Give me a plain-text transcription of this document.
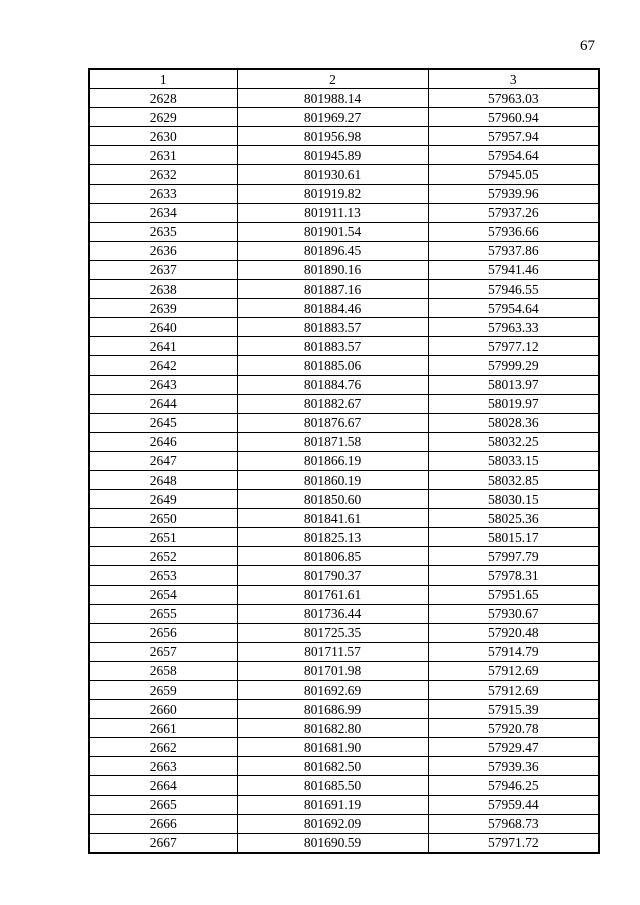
67
1	2	3
2628	801988.14	57963.03
2629	801969.27	57960.94
2630	801956.98	57957.94
2631	801945.89	57954.64
2632	801930.61	57945.05
2633	801919.82	57939.96
2634	801911.13	57937.26
2635	801901.54	57936.66
2636	801896.45	57937.86
2637	801890.16	57941.46
2638	801887.16	57946.55
2639	801884.46	57954.64
2640	801883.57	57963.33
2641	801883.57	57977.12
2642	801885.06	57999.29
2643	801884.76	58013.97
2644	801882.67	58019.97
2645	801876.67	58028.36
2646	801871.58	58032.25
2647	801866.19	58033.15
2648	801860.19	58032.85
2649	801850.60	58030.15
2650	801841.61	58025.36
2651	801825.13	58015.17
2652	801806.85	57997.79
2653	801790.37	57978.31
2654	801761.61	57951.65
2655	801736.44	57930.67
2656	801725.35	57920.48
2657	801711.57	57914.79
2658	801701.98	57912.69
2659	801692.69	57912.69
2660	801686.99	57915.39
2661	801682.80	57920.78
2662	801681.90	57929.47
2663	801682.50	57939.36
2664	801685.50	57946.25
2665	801691.19	57959.44
2666	801692.09	57968.73
2667	801690.59	57971.72
